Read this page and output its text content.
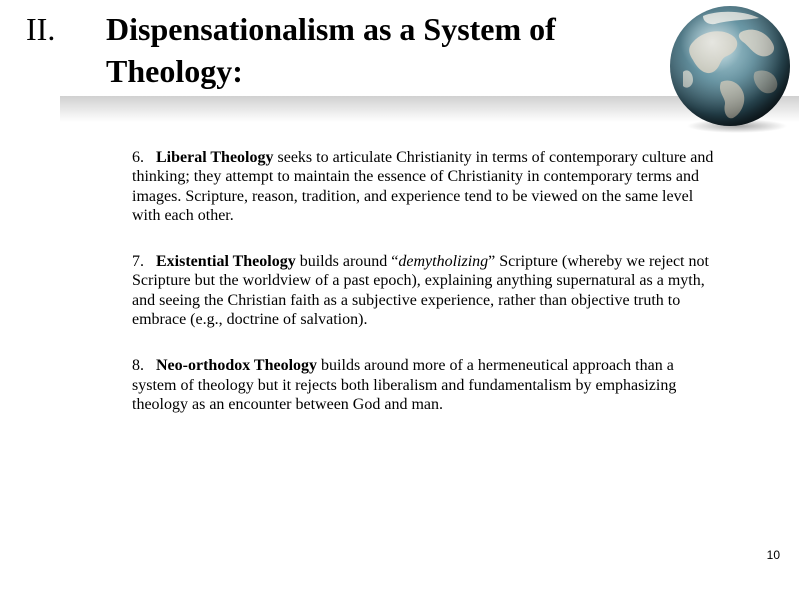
II. Dispensationalism as a System of Theology:

6. Liberal Theology seeks to articulate Christianity in terms of contemporary culture and thinking; they attempt to maintain the essence of Christianity in contemporary terms and images. Scripture, reason, tradition, and experience tend to be viewed on the same level with each other.

7. Existential Theology builds around “demytholizing” Scripture (whereby we reject not Scripture but the worldview of a past epoch), explaining anything supernatural as a myth, and seeing the Christian faith as a subjective experience, rather than objective truth to embrace (e.g., doctrine of salvation).

8. Neo-orthodox Theology builds around more of a hermeneutical approach than a system of theology but it rejects both liberalism and fundamentalism by emphasizing theology as an encounter between God and man.

10
